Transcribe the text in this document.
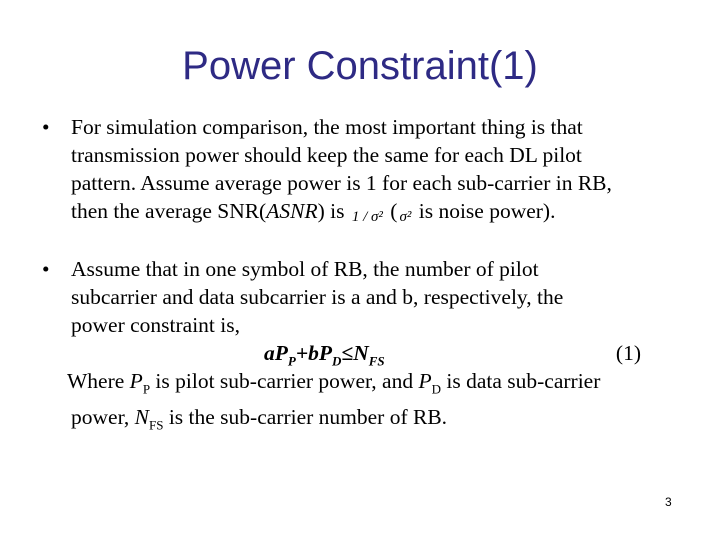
Power Constraint(1)
• For simulation comparison, the most important thing is that
transmission power should keep the same for each DL pilot
pattern. Assume average power is 1 for each sub-carrier in RB,
then the average SNR(ASNR) is 1 / σ² ( σ² is noise power).
• Assume that in one symbol of RB, the number of pilot
subcarrier and data subcarrier is a and b, respectively, the
power constraint is,
$aP_P+bP_D\le N_{FS}$	(1)
Where $P_P$ is pilot sub-carrier power, and $P_D$ is data sub-carrier
power, $N_{FS}$ is the sub-carrier number of RB.
3
